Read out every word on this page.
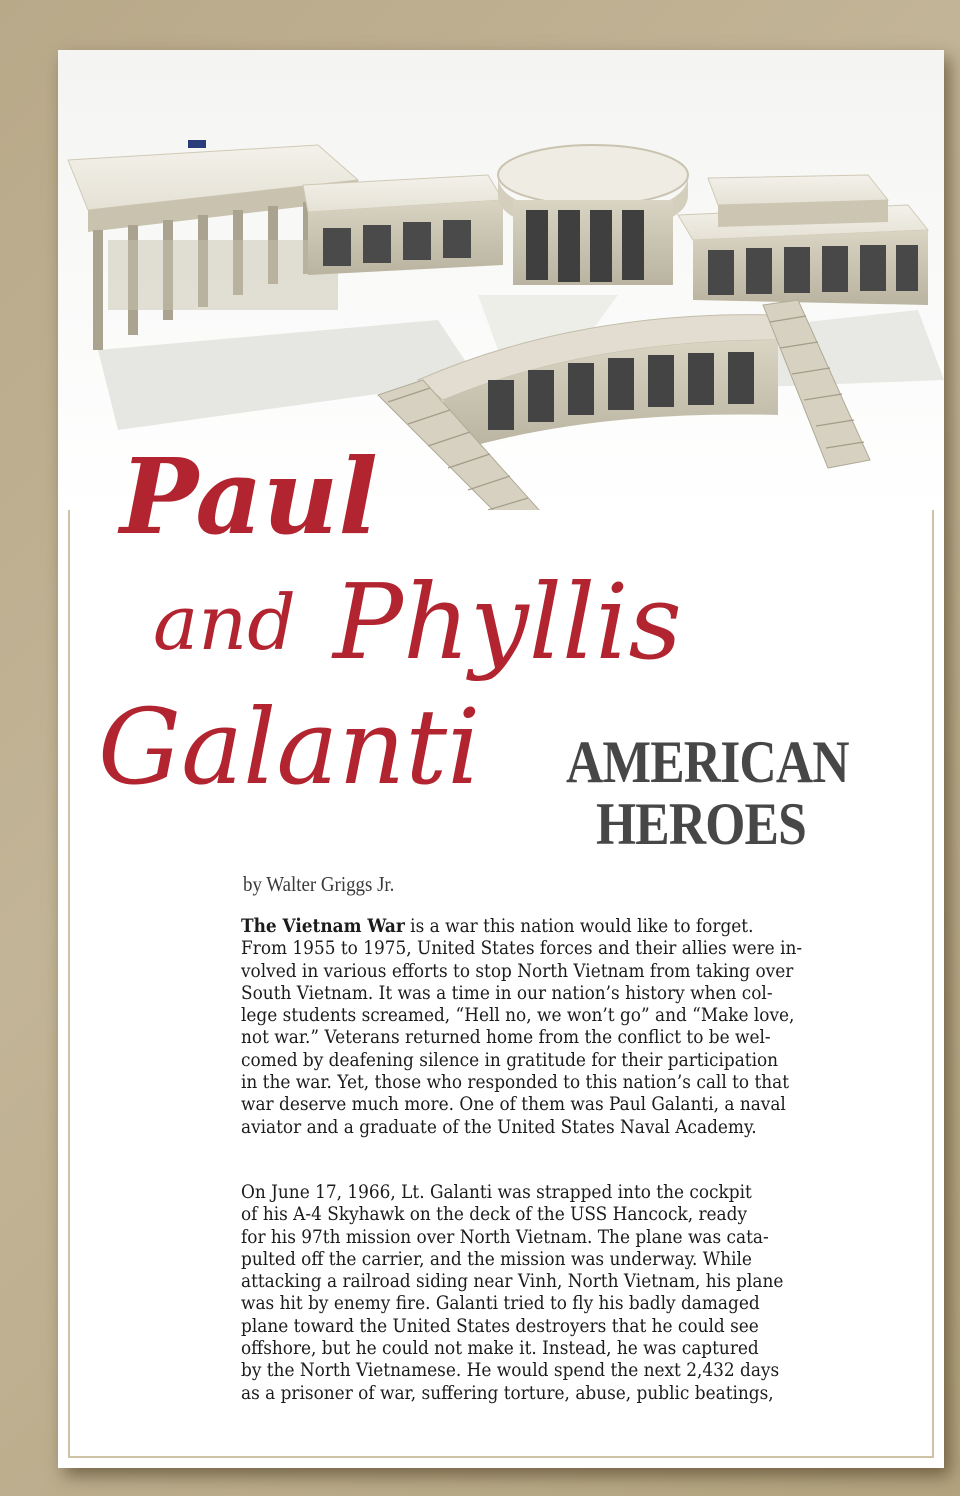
Paul
and Phyllis
Galanti AMERICAN
HEROES

by Walter Griggs Jr.

The Vietnam War is a war this nation would like to forget.
From 1955 to 1975, United States forces and their allies were in-
volved in various efforts to stop North Vietnam from taking over
South Vietnam. It was a time in our nation’s history when col-
lege students screamed, “Hell no, we won’t go” and “Make love,
not war.” Veterans returned home from the conflict to be wel-
comed by deafening silence in gratitude for their participation
in the war. Yet, those who responded to this nation’s call to that
war deserve much more. One of them was Paul Galanti, a naval
aviator and a graduate of the United States Naval Academy.
On June 17, 1966, Lt. Galanti was strapped into the cockpit
of his A-4 Skyhawk on the deck of the USS Hancock, ready
for his 97th mission over North Vietnam. The plane was cata-
pulted off the carrier, and the mission was underway. While
attacking a railroad siding near Vinh, North Vietnam, his plane
was hit by enemy fire. Galanti tried to fly his badly damaged
plane toward the United States destroyers that he could see
offshore, but he could not make it. Instead, he was captured
by the North Vietnamese. He would spend the next 2,432 days
as a prisoner of war, suffering torture, abuse, public beatings,
